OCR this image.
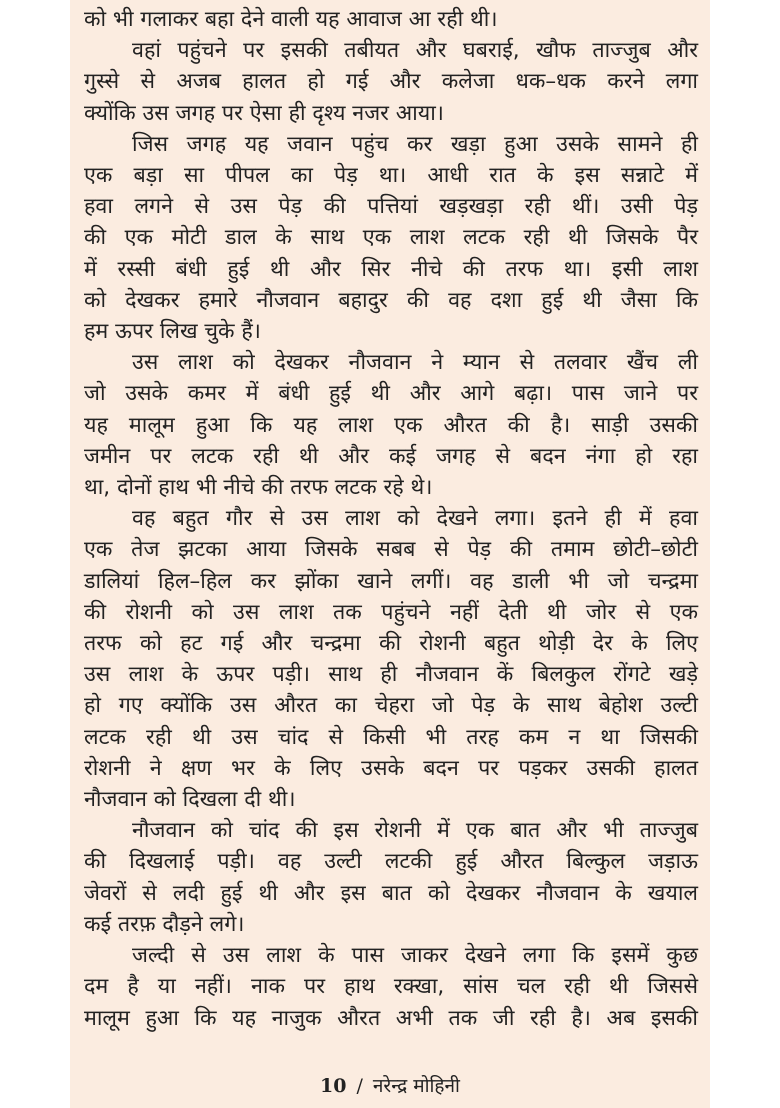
को भी गलाकर बहा देने वाली यह आवाज आ रही थी।

वहां पहुंचने पर इसकी तबीयत और घबराई, खौफ ताज्जुब और
गुस्से से अजब हालत हो गई और कलेजा धक–धक करने लगा
क्योंकि उस जगह पर ऐसा ही दृश्य नजर आया।

जिस जगह यह जवान पहुंच कर खड़ा हुआ उसके सामने ही
एक बड़ा सा पीपल का पेड़ था। आधी रात के इस सन्नाटे में
हवा लगने से उस पेड़ की पत्तियां खड़खड़ा रही थीं। उसी पेड़
की एक मोटी डाल के साथ एक लाश लटक रही थी जिसके पैर
में रस्सी बंधी हुई थी और सिर नीचे की तरफ था। इसी लाश
को देखकर हमारे नौजवान बहादुर की वह दशा हुई थी जैसा कि
हम ऊपर लिख चुके हैं।

उस लाश को देखकर नौजवान ने म्यान से तलवार खैंच ली
जो उसके कमर में बंधी हुई थी और आगे बढ़ा। पास जाने पर
यह मालूम हुआ कि यह लाश एक औरत की है। साड़ी उसकी
जमीन पर लटक रही थी और कई जगह से बदन नंगा हो रहा
था, दोनों हाथ भी नीचे की तरफ लटक रहे थे।

वह बहुत गौर से उस लाश को देखने लगा। इतने ही में हवा
एक तेज झटका आया जिसके सबब से पेड़ की तमाम छोटी–छोटी
डालियां हिल–हिल कर झोंका खाने लगीं। वह डाली भी जो चन्द्रमा
की रोशनी को उस लाश तक पहुंचने नहीं देती थी जोर से एक
तरफ को हट गई और चन्द्रमा की रोशनी बहुत थोड़ी देर के लिए
उस लाश के ऊपर पड़ी। साथ ही नौजवान कें बिलकुल रोंगटे खड़े
हो गए क्योंकि उस औरत का चेहरा जो पेड़ के साथ बेहोश उल्टी
लटक रही थी उस चांद से किसी भी तरह कम न था जिसकी
रोशनी ने क्षण भर के लिए उसके बदन पर पड़कर उसकी हालत
नौजवान को दिखला दी थी।

नौजवान को चांद की इस रोशनी में एक बात और भी ताज्जुब
की दिखलाई पड़ी। वह उल्टी लटकी हुई औरत बिल्कुल जड़ाऊ
जेवरों से लदी हुई थी और इस बात को देखकर नौजवान के खयाल
कई तरफ़ दौड़ने लगे।

जल्दी से उस लाश के पास जाकर देखने लगा कि इसमें कुछ
दम है या नहीं। नाक पर हाथ रक्खा, सांस चल रही थी जिससे
मालूम हुआ कि यह नाजुक औरत अभी तक जी रही है। अब इसकी

10 / नरेन्द्र मोहिनी
